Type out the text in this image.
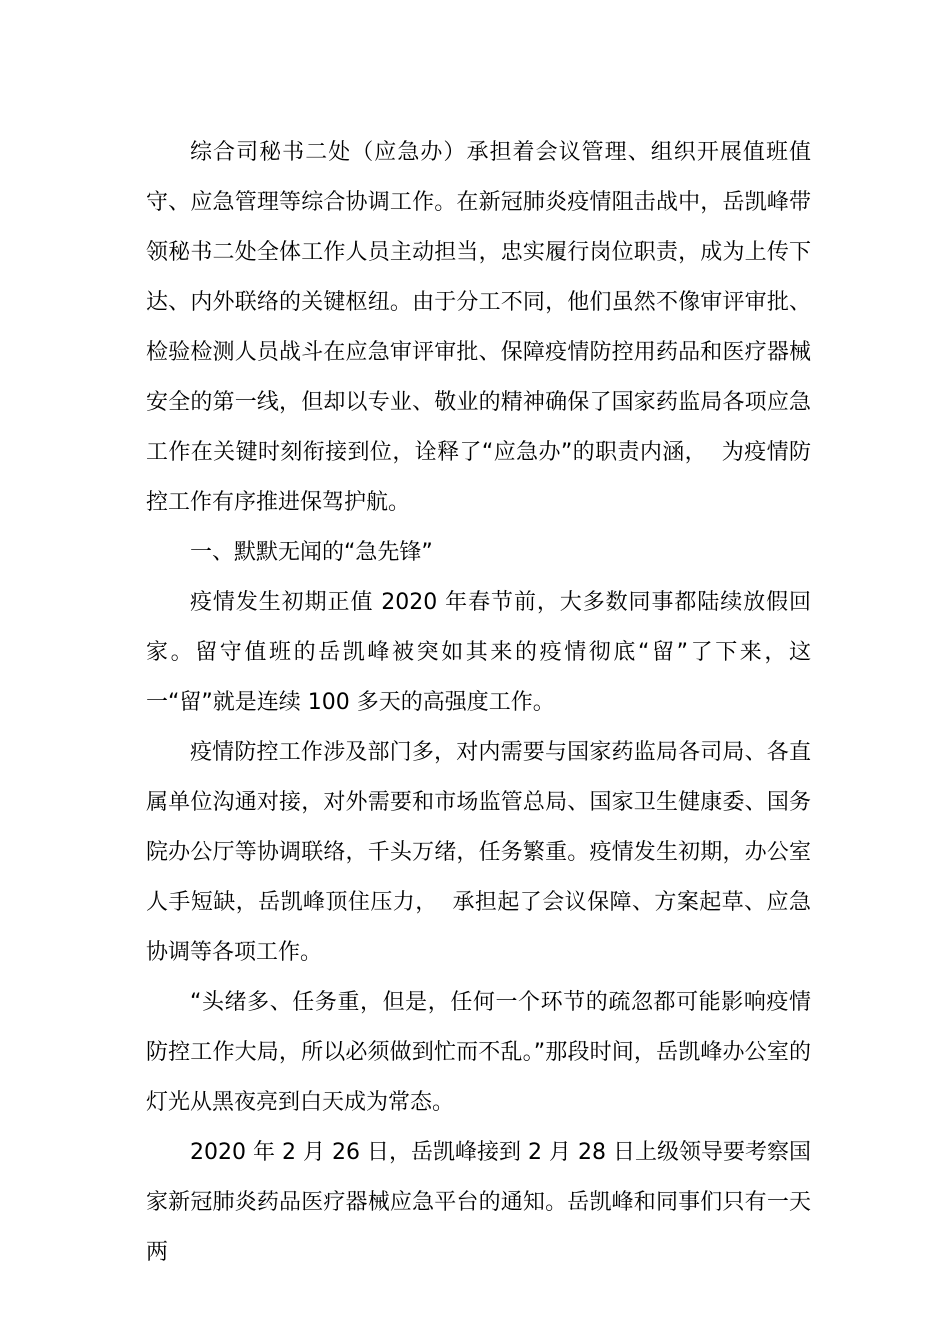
综合司秘书二处（应急办）承担着会议管理、组织开展值班值守、应急管理等综合协调工作。在新冠肺炎疫情阻击战中，岳凯峰带领秘书二处全体工作人员主动担当，忠实履行岗位职责，成为上传下达、内外联络的关键枢纽。由于分工不同，他们虽然不像审评审批、检验检测人员战斗在应急审评审批、保障疫情防控用药品和医疗器械安全的第一线，但却以专业、敬业的精神确保了国家药监局各项应急工作在关键时刻衔接到位，诠释了“应急办”的职责内涵，  为疫情防控工作有序推进保驾护航。

一、默默无闻的“急先锋”

疫情发生初期正值 2020 年春节前，大多数同事都陆续放假回家。留守值班的岳凯峰被突如其来的疫情彻底“留”了下来，这一“留”就是连续 100 多天的高强度工作。

疫情防控工作涉及部门多，对内需要与国家药监局各司局、各直属单位沟通对接，对外需要和市场监管总局、国家卫生健康委、国务院办公厅等协调联络，千头万绪，任务繁重。疫情发生初期，办公室人手短缺，岳凯峰顶住压力，  承担起了会议保障、方案起草、应急协调等各项工作。

“头绪多、任务重，但是，任何一个环节的疏忽都可能影响疫情防控工作大局，所以必须做到忙而不乱。”那段时间，岳凯峰办公室的灯光从黑夜亮到白天成为常态。

2020 年 2 月 26 日，岳凯峰接到 2 月 28 日上级领导要考察国家新冠肺炎药品医疗器械应急平台的通知。岳凯峰和同事们只有一天两
